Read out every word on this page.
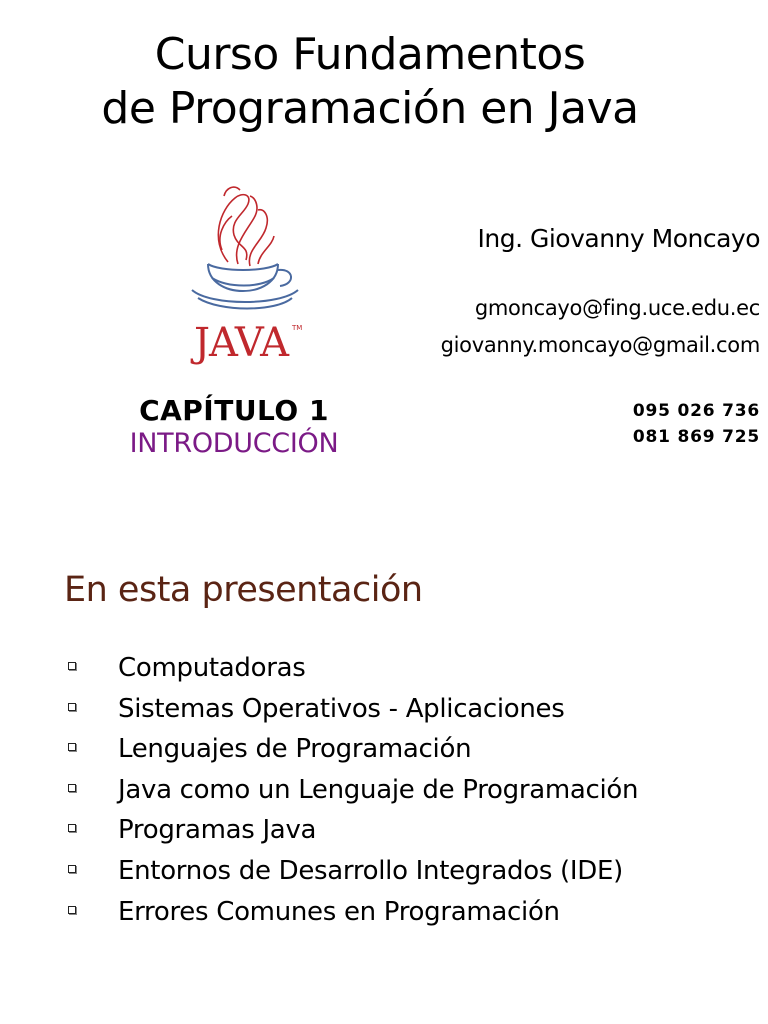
Curso Fundamentos
de Programación en Java
JAVA TM
Ing. Giovanny Moncayo
gmoncayo@fing.uce.edu.ec
giovanny.moncayo@gmail.com
095 026 736
081 869 725
CAPÍTULO 1
INTRODUCCIÓN
En esta presentación
Computadoras
Sistemas Operativos - Aplicaciones
Lenguajes de Programación
Java como un Lenguaje de Programación
Programas Java
Entornos de Desarrollo Integrados (IDE)
Errores Comunes en Programación
